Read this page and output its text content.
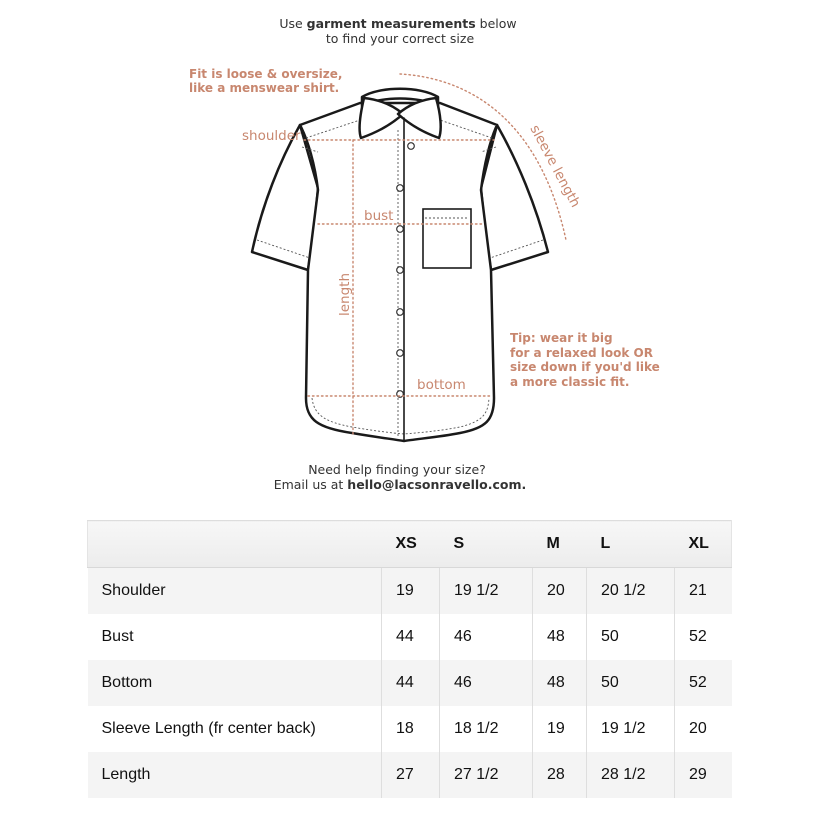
Use garment measurements below
to find your correct size
Fit is loose & oversize,
like a menswear shirt.
shoulder
bust
length
bottom
sleeve length
Tip: wear it big
for a relaxed look OR
size down if you'd like
a more classic fit.
Need help finding your size?
Email us at hello@lacsonravello.com.
	XS	S	M	L	XL
Shoulder	19	19 1/2	20	20 1/2	21
Bust	44	46	48	50	52
Bottom	44	46	48	50	52
Sleeve Length (fr center back)	18	18 1/2	19	19 1/2	20
Length	27	27 1/2	28	28 1/2	29
